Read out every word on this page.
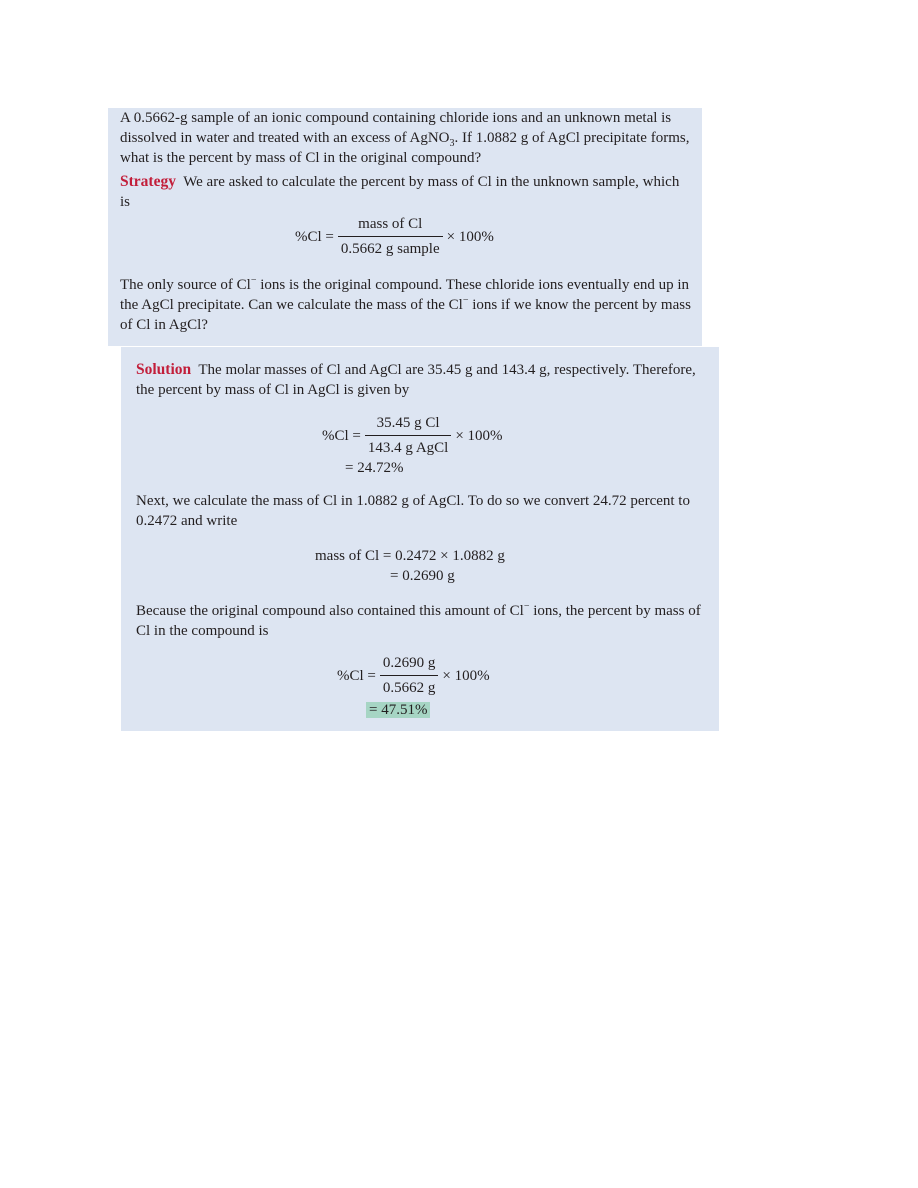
A 0.5662-g sample of an ionic compound containing chloride ions and an unknown metal is dissolved in water and treated with an excess of AgNO$_3$. If 1.0882 g of AgCl precipitate forms, what is the percent by mass of Cl in the original compound?

Strategy We are asked to calculate the percent by mass of Cl in the unknown sample, which is

$\%Cl = \frac{\text{mass of Cl}}{\text{0.5662 g sample}} \times 100\%$

The only source of Cl− ions is the original compound. These chloride ions eventually end up in the AgCl precipitate. Can we calculate the mass of the Cl− ions if we know the percent by mass of Cl in AgCl?

Solution The molar masses of Cl and AgCl are 35.45 g and 143.4 g, respectively. Therefore, the percent by mass of Cl in AgCl is given by

$\%Cl = \frac{\text{35.45 g Cl}}{\text{143.4 g AgCl}} \times 100\%$
= 24.72%

Next, we calculate the mass of Cl in 1.0882 g of AgCl. To do so we convert 24.72 percent to 0.2472 and write

mass of Cl = 0.2472 × 1.0882 g
= 0.2690 g

Because the original compound also contained this amount of Cl− ions, the percent by mass of Cl in the compound is

$\%Cl = \frac{0.2690 g}{0.5662 g} \times 100\%$
= 47.51%
